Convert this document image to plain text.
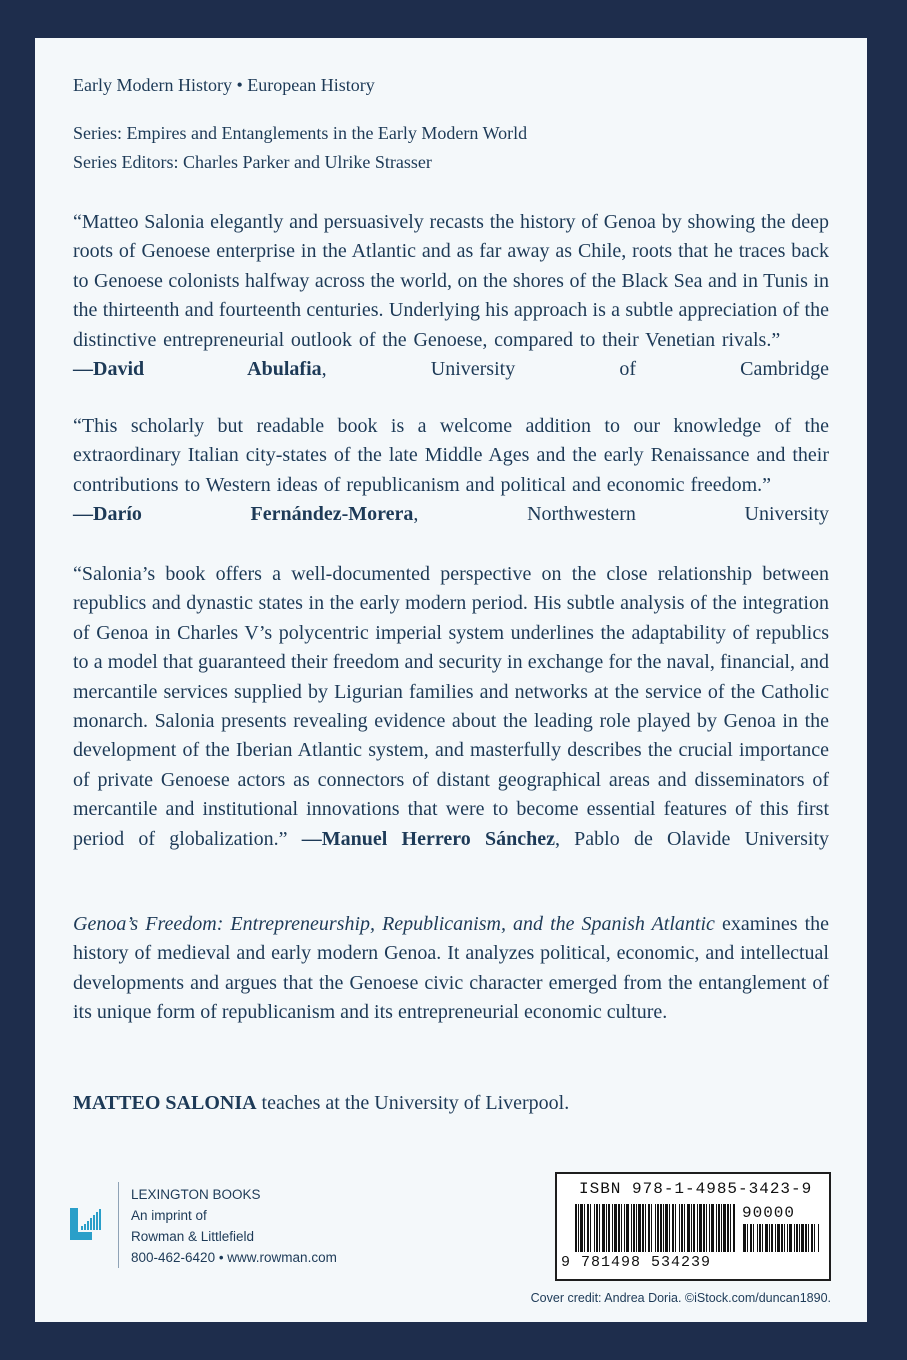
Early Modern History • European History
Series: Empires and Entanglements in the Early Modern World
Series Editors: Charles Parker and Ulrike Strasser

“Matteo Salonia elegantly and persuasively recasts the history of Genoa by showing the deep roots of Genoese enterprise in the Atlantic and as far away as Chile, roots that he traces back to Genoese colonists halfway across the world, on the shores of the Black Sea and in Tunis in the thirteenth and fourteenth centuries. Underlying his approach is a subtle appreciation of the distinctive entrepreneurial outlook of the Genoese, compared to their Venetian rivals.”  —David Abulafia, University of Cambridge

“This scholarly but readable book is a welcome addition to our knowledge of the extraordinary Italian city-states of the late Middle Ages and the early Renaissance and their contributions to Western ideas of republicanism and political and economic freedom.”  —Darío Fernández-Morera, Northwestern University

“Salonia’s book offers a well-documented perspective on the close relationship between republics and dynastic states in the early modern period. His subtle analysis of the integration of Genoa in Charles V’s polycentric imperial system underlines the adaptability of republics to a model that guaranteed their freedom and security in exchange for the naval, financial, and mercantile services supplied by Ligurian families and networks at the service of the Catholic monarch. Salonia presents revealing evidence about the leading role played by Genoa in the development of the Iberian Atlantic system, and masterfully describes the crucial importance of private Genoese actors as connectors of distant geographical areas and disseminators of mercantile and institutional innovations that were to become essential features of this first period of globalization.” —Manuel Herrero Sánchez, Pablo de Olavide University

Genoa’s Freedom: Entrepreneurship, Republicanism, and the Spanish Atlantic examines the history of medieval and early modern Genoa. It analyzes political, economic, and intellectual developments and argues that the Genoese civic character emerged from the entanglement of its unique form of republicanism and its entrepreneurial economic culture.

MATTEO SALONIA teaches at the University of Liverpool.

LEXINGTON BOOKS
An imprint of
Rowman & Littlefield
800-462-6420 • www.rowman.com
ISBN 978-1-4985-3423-9
90000
9 781498 534239
Cover credit: Andrea Doria. ©iStock.com/duncan1890.
